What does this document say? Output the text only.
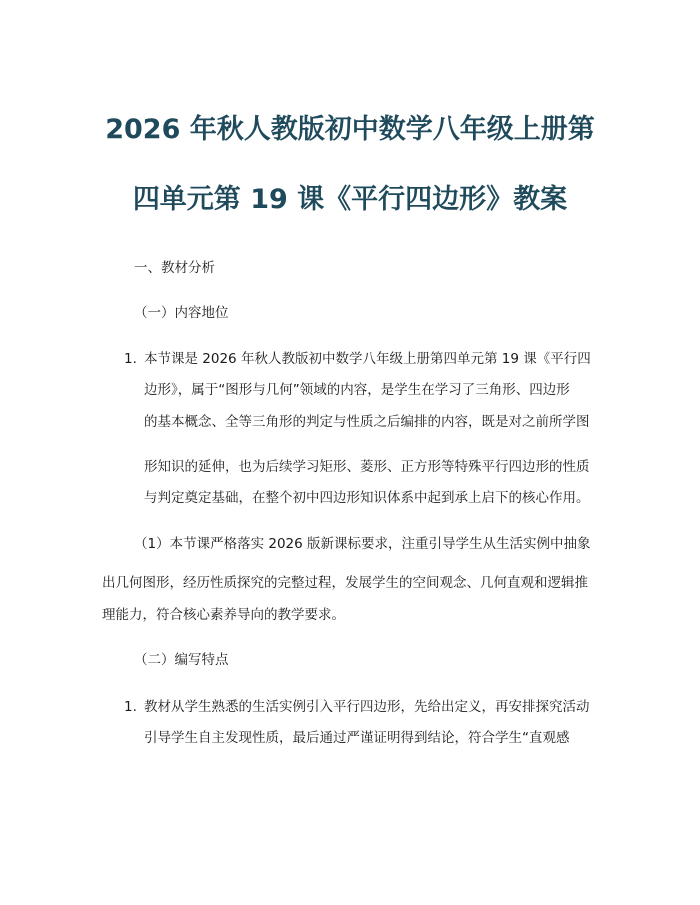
2026 年秋人教版初中数学八年级上册第
四单元第 19 课《平行四边形》教案
一、教材分析
（一）内容地位
1. 本节课是 2026 年秋人教版初中数学八年级上册第四单元第 19 课《平行四
边形》，属于“图形与几何”领域的内容，是学生在学习了三角形、四边形
的基本概念、全等三角形的判定与性质之后编排的内容，既是对之前所学图
形知识的延伸，也为后续学习矩形、菱形、正方形等特殊平行四边形的性质
与判定奠定基础，在整个初中四边形知识体系中起到承上启下的核心作用。
（1）本节课严格落实 2026 版新课标要求，注重引导学生从生活实例中抽象
出几何图形，经历性质探究的完整过程，发展学生的空间观念、几何直观和逻辑推
理能力，符合核心素养导向的教学要求。
（二）编写特点
1. 教材从学生熟悉的生活实例引入平行四边形，先给出定义，再安排探究活动
引导学生自主发现性质，最后通过严谨证明得到结论，符合学生“直观感
